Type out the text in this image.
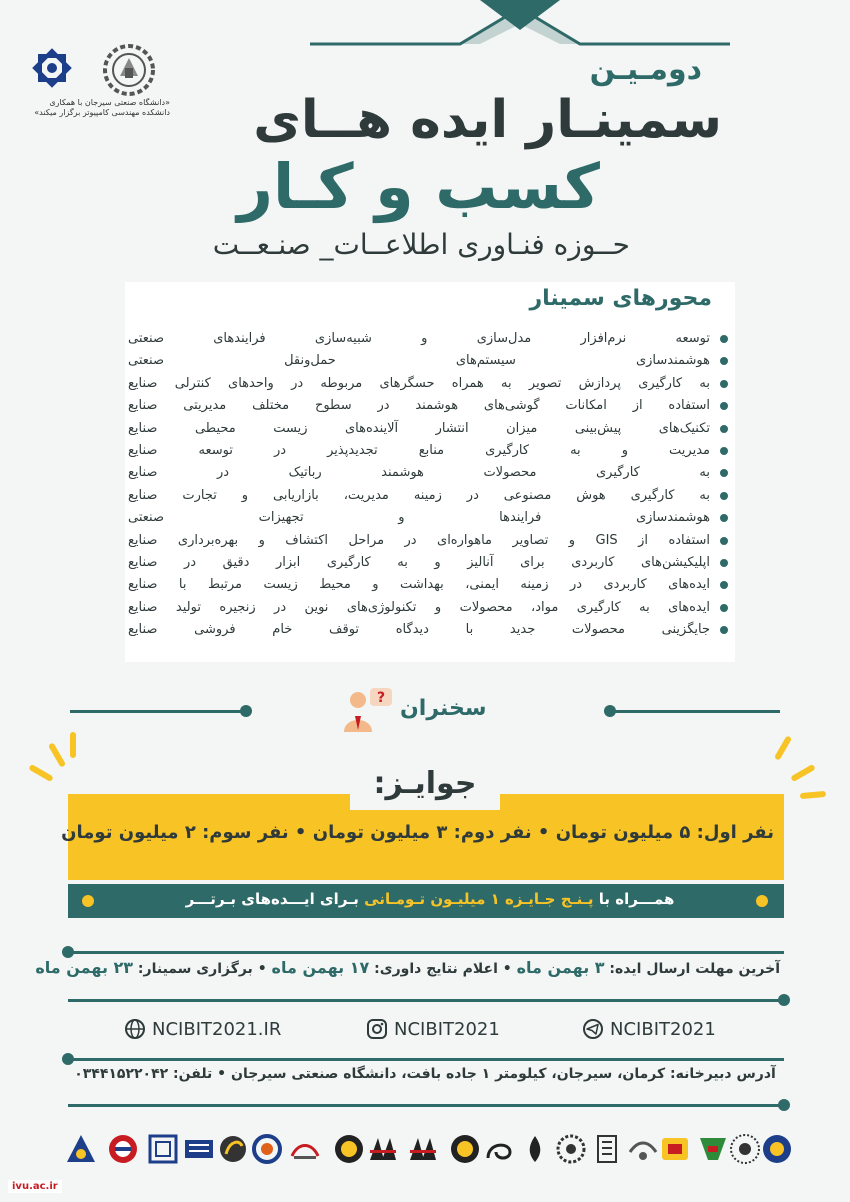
«دانشگاه صنعتی سیرجان با همکاری دانشکده مهندسی کامپیوتر برگزار میکند»
دومـیـن
سمینـار ایده هــای
کسب و کـار
حــوزه فنـاوری اطلاعــات_ صنـعــت
محورهای سمینار
توسعه نرم‌افزار مدل‌سازی و شبیه‌سازی فرایندهای صنعتی
هوشمندسازی سیستم‌های حمل‌ونقل صنعتی
به کارگیری پردازش تصویر به همراه حسگرهای مربوطه در واحدهای کنترلی صنایع
استفاده از امکانات گوشی‌های هوشمند در سطوح مختلف مدیریتی صنایع
تکنیک‌های پیش‌بینی میزان انتشار آلاینده‌های زیست محیطی صنایع
مدیریت و به کارگیری منابع تجدیدپذیر در توسعه صنایع
به کارگیری محصولات هوشمند رباتیک در صنایع
به کارگیری هوش مصنوعی در زمینه مدیریت، بازاریابی و تجارت صنایع
هوشمندسازی فرایندها و تجهیزات صنعتی
استفاده از GIS و تصاویر ماهواره‌ای در مراحل اکتشاف و بهره‌برداری صنایع
اپلیکیشن‌های کاربردی برای آنالیز و به کارگیری ابزار دقیق در صنایع
ایده‌های کاربردی در زمینه ایمنی، بهداشت و محیط زیست مرتبط با صنایع
ایده‌های به کارگیری مواد، محصولات و تکنولوژی‌های نوین در زنجیره تولید صنایع
جایگزینی محصولات جدید با دیدگاه توقف خام فروشی صنایع
? سخنران
جوایـز:
نفر اول: ۵ میلیون تومان • نفر دوم: ۳ میلیون تومان • نفر سوم: ۲ میلیون تومان
همـــراه با پـنـج جـایـزه ۱ میلیـون تـومـانی بـرای ایـــده‌های بـرتـــر
آخرین مهلت ارسال ایده: ۳ بهمن ماه • اعلام نتایج داوری: ۱۷ بهمن ماه • برگزاری سمینار: ۲۳ بهمن ماه
NCIBIT2021.IR	NCIBIT2021	NCIBIT2021
آدرس دبیرخانه: کرمان، سیرجان، کیلومتر ۱ جاده بافت، دانشگاه صنعتی سیرجان • تلفن: ۰۳۴۴۱۵۲۲۰۴۲
ivu.ac.ir
